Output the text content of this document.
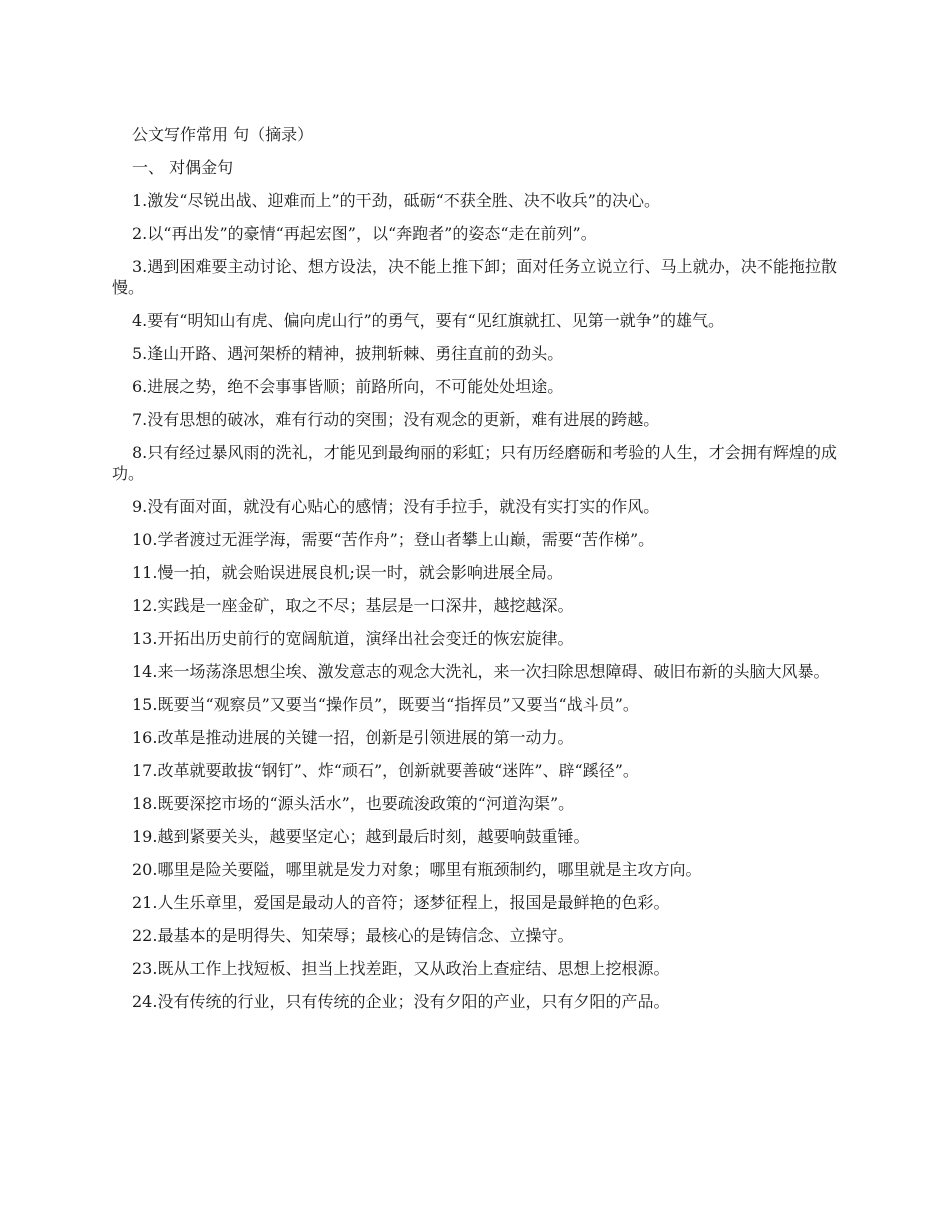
公文写作常用 句（摘录）

一、 对偶金句

1.激发“尽锐出战、迎难而上”的干劲，砥砺“不获全胜、决不收兵”的决心。

2.以“再出发”的豪情“再起宏图”，以“奔跑者”的姿态“走在前列”。

3.遇到困难要主动讨论、想方设法，决不能上推下卸；面对任务立说立行、马上就办，决不能拖拉散慢。

4.要有“明知山有虎、偏向虎山行”的勇气，要有“见红旗就扛、见第一就争”的雄气。

5.逢山开路、遇河架桥的精神，披荆斩棘、勇往直前的劲头。

6.进展之势，绝不会事事皆顺；前路所向，不可能处处坦途。

7.没有思想的破冰，难有行动的突围；没有观念的更新，难有进展的跨越。

8.只有经过暴风雨的洗礼，才能见到最绚丽的彩虹；只有历经磨砺和考验的人生，才会拥有辉煌的成功。

9.没有面对面，就没有心贴心的感情；没有手拉手，就没有实打实的作风。

10.学者渡过无涯学海，需要“苦作舟”；登山者攀上山巅，需要“苦作梯”。

11.慢一拍，就会贻误进展良机;误一时，就会影响进展全局。

12.实践是一座金矿，取之不尽；基层是一口深井，越挖越深。

13.开拓出历史前行的宽阔航道，演绎出社会变迁的恢宏旋律。

14.来一场荡涤思想尘埃、激发意志的观念大洗礼，来一次扫除思想障碍、破旧布新的头脑大风暴。

15.既要当“观察员”又要当“操作员”，既要当“指挥员”又要当“战斗员”。

16.改革是推动进展的关键一招，创新是引领进展的第一动力。

17.改革就要敢拔“钢钉”、炸“顽石”，创新就要善破“迷阵”、辟“蹊径”。

18.既要深挖市场的“源头活水”，也要疏浚政策的“河道沟渠”。

19.越到紧要关头，越要坚定心；越到最后时刻，越要响鼓重锤。

20.哪里是险关要隘，哪里就是发力对象；哪里有瓶颈制约，哪里就是主攻方向。

21.人生乐章里，爱国是最动人的音符；逐梦征程上，报国是最鲜艳的色彩。

22.最基本的是明得失、知荣辱；最核心的是铸信念、立操守。

23.既从工作上找短板、担当上找差距，又从政治上查症结、思想上挖根源。

24.没有传统的行业，只有传统的企业；没有夕阳的产业，只有夕阳的产品。
